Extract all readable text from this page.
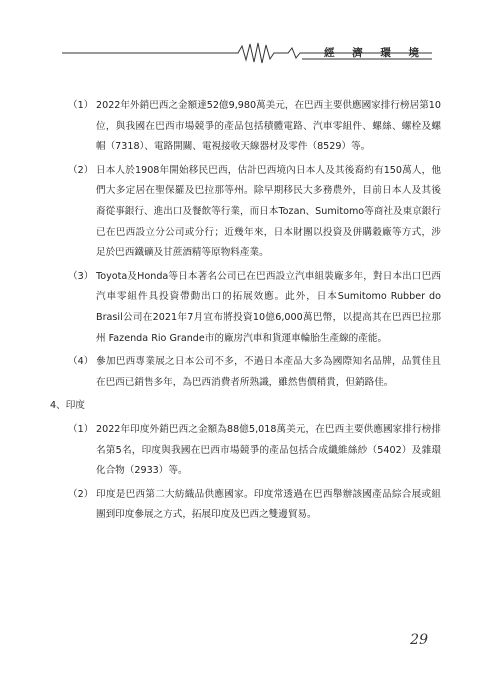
經 濟 環 境
（1） 2022年外銷巴西之金額達52億9,980萬美元，在巴西主要供應國家排行榜居第10位，與我國在巴西市場競爭的產品包括積體電路、汽車零組件、螺絲、螺栓及螺帽（7318）、電路開關、電視接收天線器材及零件（8529）等。
（2） 日本人於1908年開始移民巴西，估計巴西境內日本人及其後裔約有150萬人，他們大多定居在聖保羅及巴拉那等州。除早期移民大多務農外，目前日本人及其後裔從事銀行、進出口及餐飲等行業，而日本Tozan、Sumitomo等商社及東京銀行已在巴西設立分公司或分行；近幾年來，日本財團以投資及併購穀廠等方式，涉足於巴西鐵礦及甘蔗酒精等原物料產業。
（3） Toyota及Honda等日本著名公司已在巴西設立汽車組裝廠多年，對日本出口巴西汽車零組件具投資帶動出口的拓展效應。此外，日本Sumitomo Rubber do Brasil公司在2021年7月宣布將投資10億6,000萬巴幣，以提高其在巴西巴拉那州 Fazenda Rio Grande市的廠房汽車和貨運車輪胎生產線的產能。
（4） 參加巴西專業展之日本公司不多，不過日本產品大多為國際知名品牌，品質佳且在巴西已銷售多年，為巴西消費者所熟識，雖然售價稍貴，但銷路佳。
4、印度
（1） 2022年印度外銷巴西之金額為88億5,018萬美元，在巴西主要供應國家排行榜排名第5名，印度與我國在巴西市場競爭的產品包括合成纖維絲紗（5402）及雜環化合物（2933）等。
（2） 印度是巴西第二大紡織品供應國家。印度常透過在巴西舉辦該國產品綜合展或組團到印度參展之方式，拓展印度及巴西之雙邊貿易。
29
